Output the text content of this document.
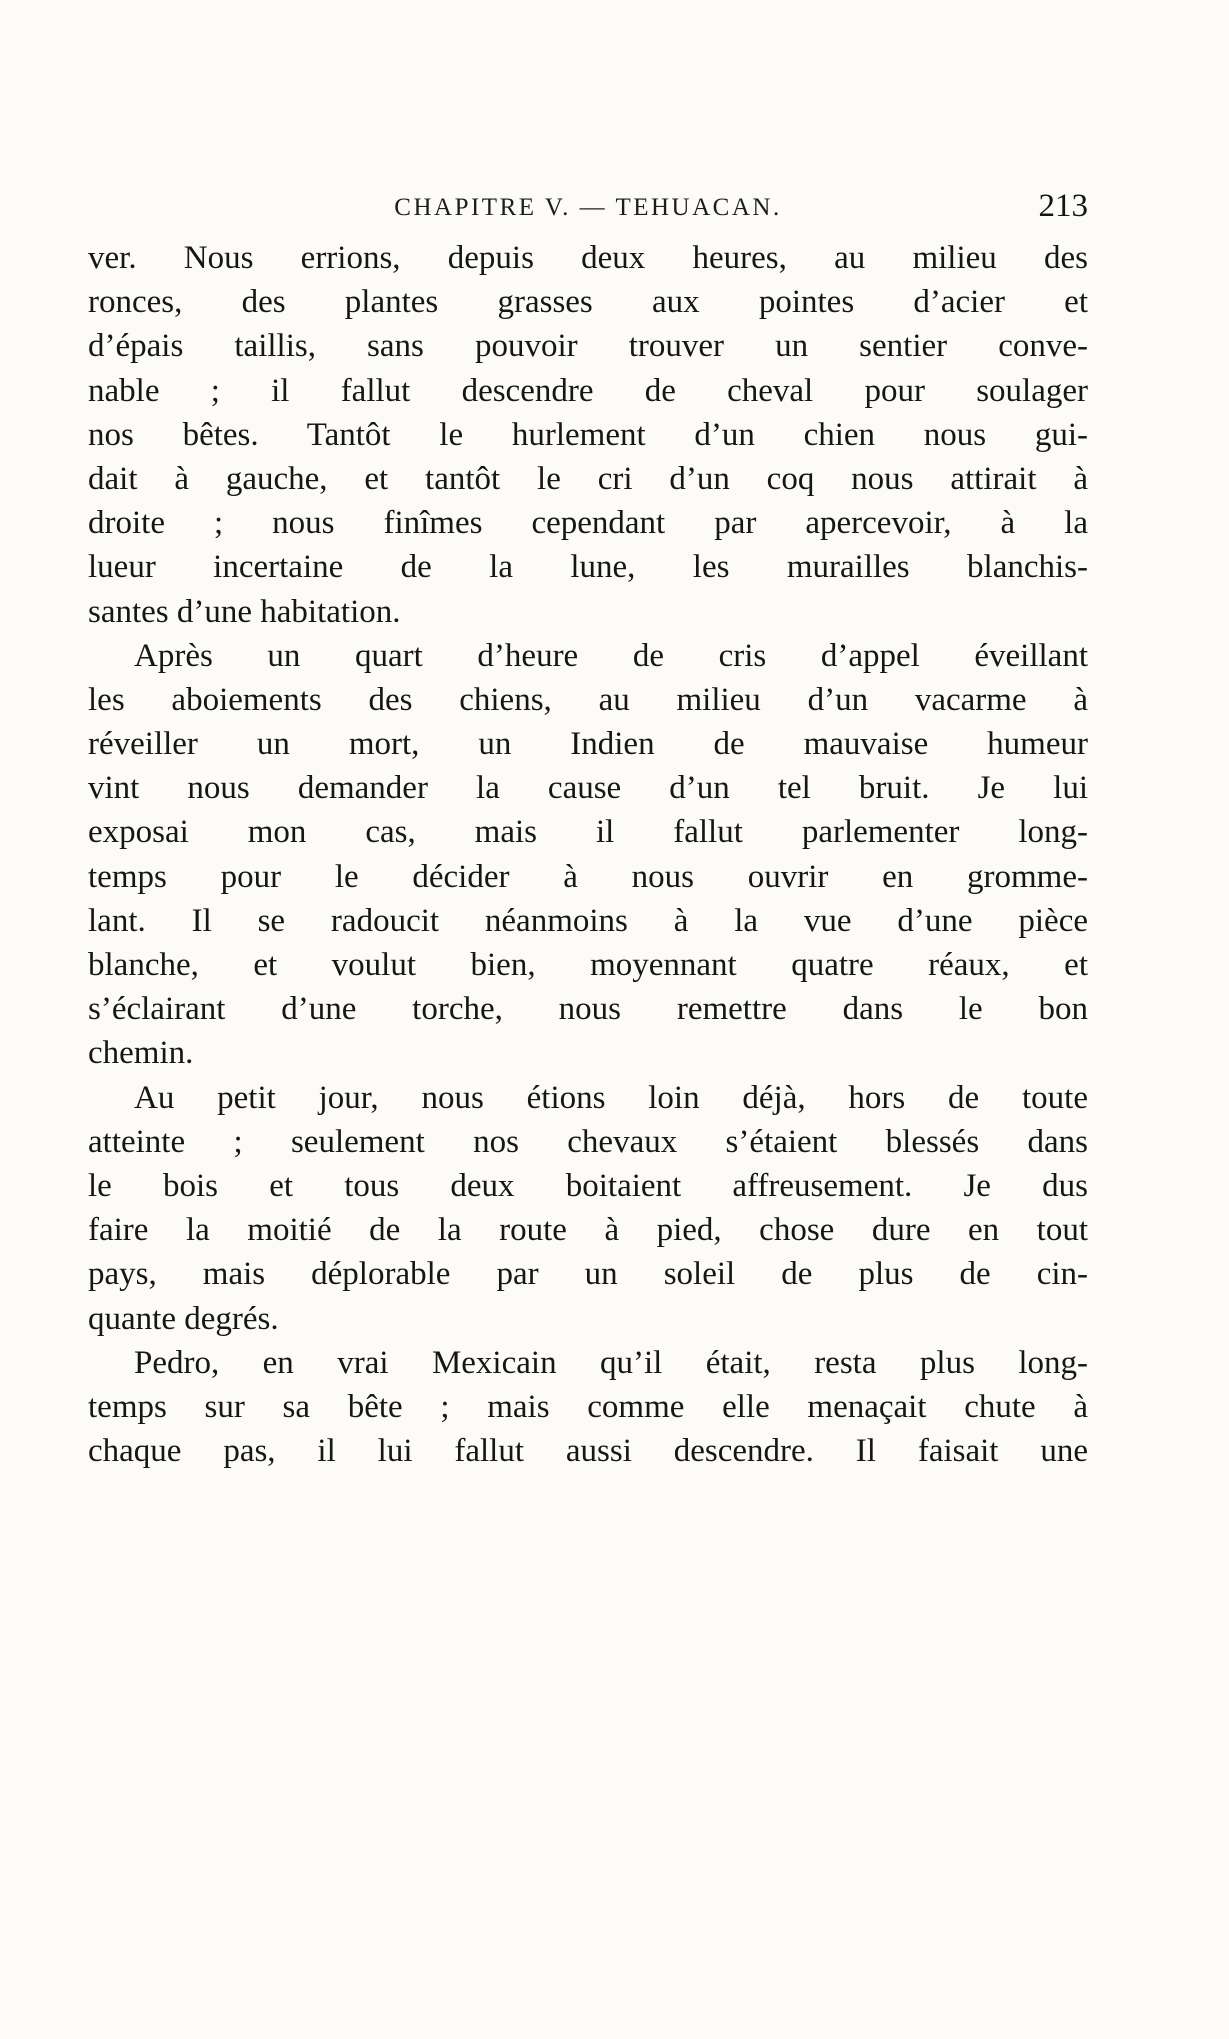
CHAPITRE V. — TEHUACAN.	213
ver. Nous errions, depuis deux heures, au milieu des
ronces, des plantes grasses aux pointes d’acier et
d’épais taillis, sans pouvoir trouver un sentier conve-
nable ; il fallut descendre de cheval pour soulager
nos bêtes. Tantôt le hurlement d’un chien nous gui-
dait à gauche, et tantôt le cri d’un coq nous attirait à
droite ; nous finîmes cependant par apercevoir, à la
lueur incertaine de la lune, les murailles blanchis-
santes d’une habitation.
Après un quart d’heure de cris d’appel éveillant
les aboiements des chiens, au milieu d’un vacarme à
réveiller un mort, un Indien de mauvaise humeur
vint nous demander la cause d’un tel bruit. Je lui
exposai mon cas, mais il fallut parlementer long-
temps pour le décider à nous ouvrir en gromme-
lant. Il se radoucit néanmoins à la vue d’une pièce
blanche, et voulut bien, moyennant quatre réaux, et
s’éclairant d’une torche, nous remettre dans le bon
chemin.
Au petit jour, nous étions loin déjà, hors de toute
atteinte ; seulement nos chevaux s’étaient blessés dans
le bois et tous deux boitaient affreusement. Je dus
faire la moitié de la route à pied, chose dure en tout
pays, mais déplorable par un soleil de plus de cin-
quante degrés.
Pedro, en vrai Mexicain qu’il était, resta plus long-
temps sur sa bête ; mais comme elle menaçait chute à
chaque pas, il lui fallut aussi descendre. Il faisait une
